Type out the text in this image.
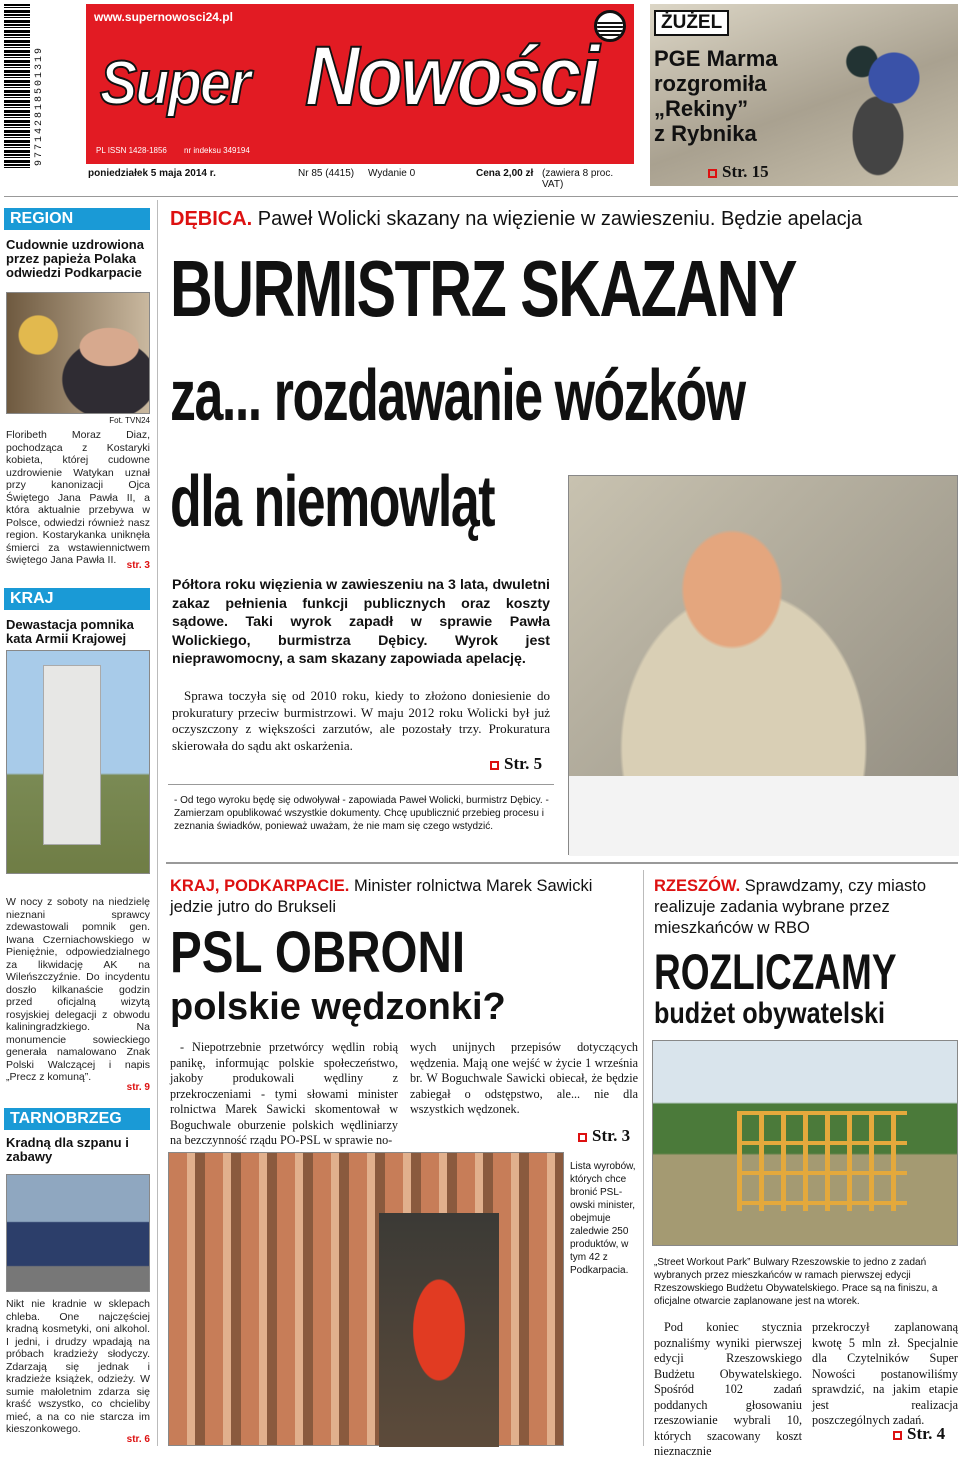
977142818501319
www.supernowosci24.pl
Super Nowości
PL ISSN 1428-1856 nr indeksu 349194
poniedziałek 5 maja 2014 r.	Nr 85 (4415) Wydanie 0	Cena 2,00 zł (zawiera 8 proc. VAT)
ŻUŻEL
PGE Marma
rozgromiła
„Rekiny”
z Rybnika
Str. 15
REGION
Cudownie uzdrowiona przez papieża Polaka odwiedzi Podkarpacie
Fot. TVN24
Floribeth Moraz Diaz, pochodząca z Kostaryki kobieta, której cudowne uzdrowienie Watykan uznał przy kanonizacji Ojca Świętego Jana Pawła II, a która aktualnie przebywa w Polsce, odwiedzi również nasz region. Kostarykanka uniknęła śmierci za wstawiennictwem świętego Jana Pawła II.	str. 3
KRAJ
Dewastacja pomnika kata Armii Krajowej
W nocy z soboty na niedzielę nieznani sprawcy zdewastowali pomnik gen. Iwana Czerniachowskiego w Pieniężnie, odpowiedzialnego za likwidację AK na Wileńszczyźnie. Do incydentu doszło kilkanaście godzin przed oficjalną wizytą rosyjskiej delegacji z obwodu kaliningradzkiego. Na monumencie sowieckiego generała namalowano Znak Polski Walczącej i napis „Precz z komuną”.
str. 9
TARNOBRZEG
Kradną dla szpanu i zabawy
Nikt nie kradnie w sklepach chleba. One najczęściej kradną kosmetyki, oni alkohol. I jedni, i drudzy wpadają na próbach kradzieży słodyczy. Zdarzają się jednak i kradzieże książek, odzieży. W sumie małoletnim zdarza się kraść wszystko, co chcieliby mieć, a na co nie starcza im kieszonkowego.
str. 6
DĘBICA. Paweł Wolicki skazany na więzienie w zawieszeniu. Będzie apelacja
BURMISTRZ SKAZANY
za... rozdawanie wózków
dla niemowląt
Półtora roku więzienia w zawieszeniu na 3 lata, dwuletni zakaz pełnienia funkcji publicznych oraz koszty sądowe. Taki wyrok zapadł w sprawie Pawła Wolickiego, burmistrza Dębicy. Wyrok jest nieprawomocny, a sam skazany zapowiada apelację.
Sprawa toczyła się od 2010 roku, kiedy to złożono doniesienie do prokuratury przeciw burmistrzowi. W maju 2012 roku Wolicki był już oczyszczony z większości zarzutów, ale pozostały trzy. Prokuratura skierowała do sądu akt oskarżenia.
Str. 5
- Od tego wyroku będę się odwoływał - zapowiada Paweł Wolicki, burmistrz Dębicy. - Zamierzam opublikować wszystkie dokumenty. Chcę upublicznić przebieg procesu i zeznania świadków, ponieważ uważam, że nie mam się czego wstydzić.
KRAJ, PODKARPACIE. Minister rolnictwa Marek Sawicki jedzie jutro do Brukseli
PSL OBRONI
polskie wędzonki?
- Niepotrzebnie przetwórcy wędlin robią panikę, informując polskie społeczeństwo, jakoby produkowali wędliny z przekroczeniami - tymi słowami minister rolnictwa Marek Sawicki skomentował w Boguchwale oburzenie polskich wędliniarzy na bezczynność rządu PO-PSL w sprawie no-
wych unijnych przepisów dotyczących wędzenia. Mają one wejść w życie 1 września br. W Boguchwale Sawicki obiecał, że będzie zabiegał o odstępstwo, ale... nie dla wszystkich wędzonek.
Str. 3
Lista wyrobów, których chce bronić PSL-owski minister, obejmuje zaledwie 250 produktów, w tym 42 z Podkarpacia.
RZESZÓW. Sprawdzamy, czy miasto realizuje zadania wybrane przez mieszkańców w RBO
ROZLICZAMY
budżet obywatelski
„Street Workout Park” Bulwary Rzeszowskie to jedno z zadań wybranych przez mieszkańców w ramach pierwszej edycji Rzeszowskiego Budżetu Obywatelskiego. Prace są na finiszu, a oficjalne otwarcie zaplanowane jest na wtorek.
Pod koniec stycznia poznaliśmy wyniki pierwszej edycji Rzeszowskiego Budżetu Obywatelskiego. Spośród 102 zadań poddanych głosowaniu rzeszowianie wybrali 10, których szacowany koszt nieznacznie
przekroczył zaplanowaną kwotę 5 mln zł. Specjalnie dla Czytelników Super Nowości postanowiliśmy sprawdzić, na jakim etapie jest realizacja poszczególnych zadań.
Str. 4
